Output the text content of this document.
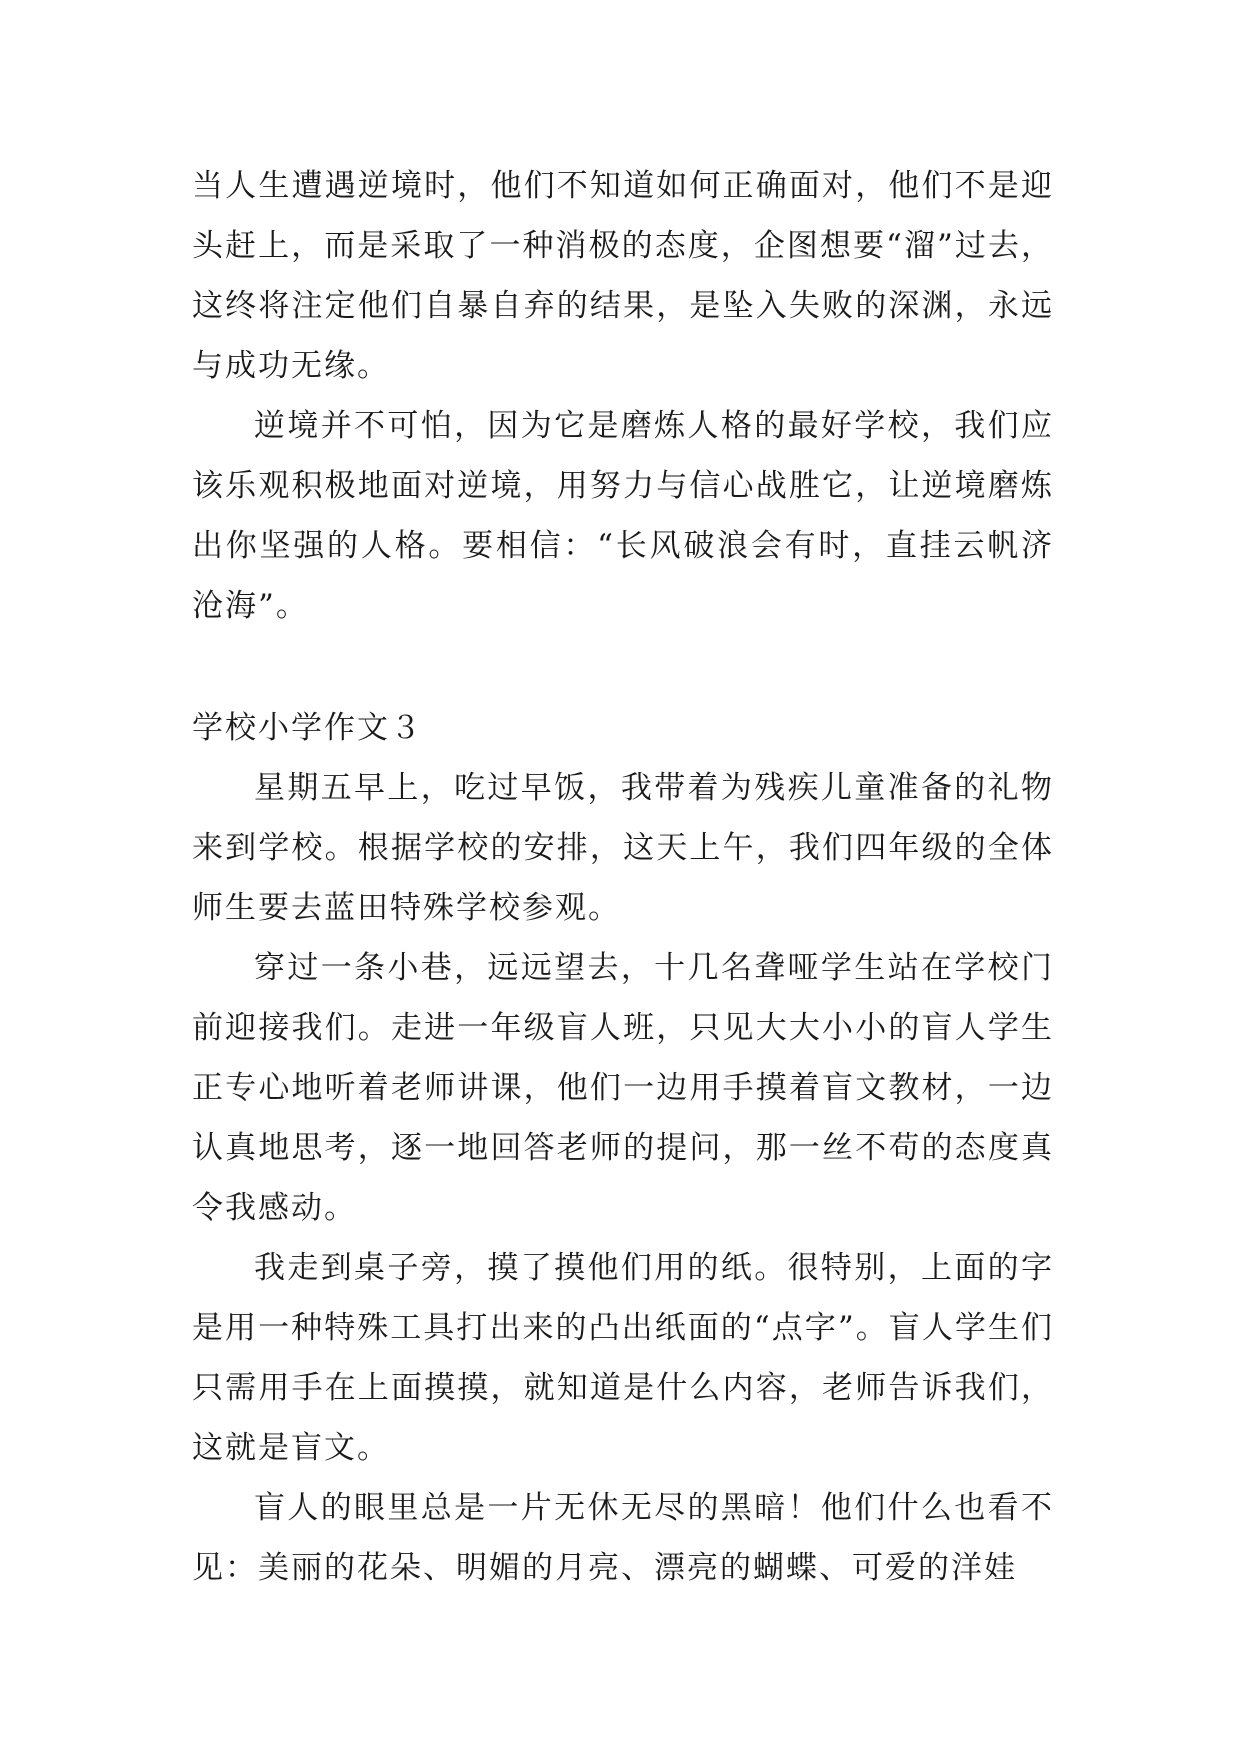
当人生遭遇逆境时，他们不知道如何正确面对，他们不是迎头赶上，而是采取了一种消极的态度，企图想要“溜”过去，这终将注定他们自暴自弃的结果，是坠入失败的深渊，永远与成功无缘。

逆境并不可怕，因为它是磨炼人格的最好学校，我们应该乐观积极地面对逆境，用努力与信心战胜它，让逆境磨炼出你坚强的人格。要相信：“长风破浪会有时，直挂云帆济沧海”。

学校小学作文３

星期五早上，吃过早饭，我带着为残疾儿童准备的礼物来到学校。根据学校的安排，这天上午，我们四年级的全体师生要去蓝田特殊学校参观。

穿过一条小巷，远远望去，十几名聋哑学生站在学校门前迎接我们。走进一年级盲人班，只见大大小小的盲人学生正专心地听着老师讲课，他们一边用手摸着盲文教材，一边认真地思考，逐一地回答老师的提问，那一丝不苟的态度真令我感动。

我走到桌子旁，摸了摸他们用的纸。很特别，上面的字是用一种特殊工具打出来的凸出纸面的“点字”。盲人学生们只需用手在上面摸摸，就知道是什么内容，老师告诉我们，这就是盲文。

盲人的眼里总是一片无休无尽的黑暗！他们什么也看不见：美丽的花朵、明媚的月亮、漂亮的蝴蝶、可爱的洋娃
